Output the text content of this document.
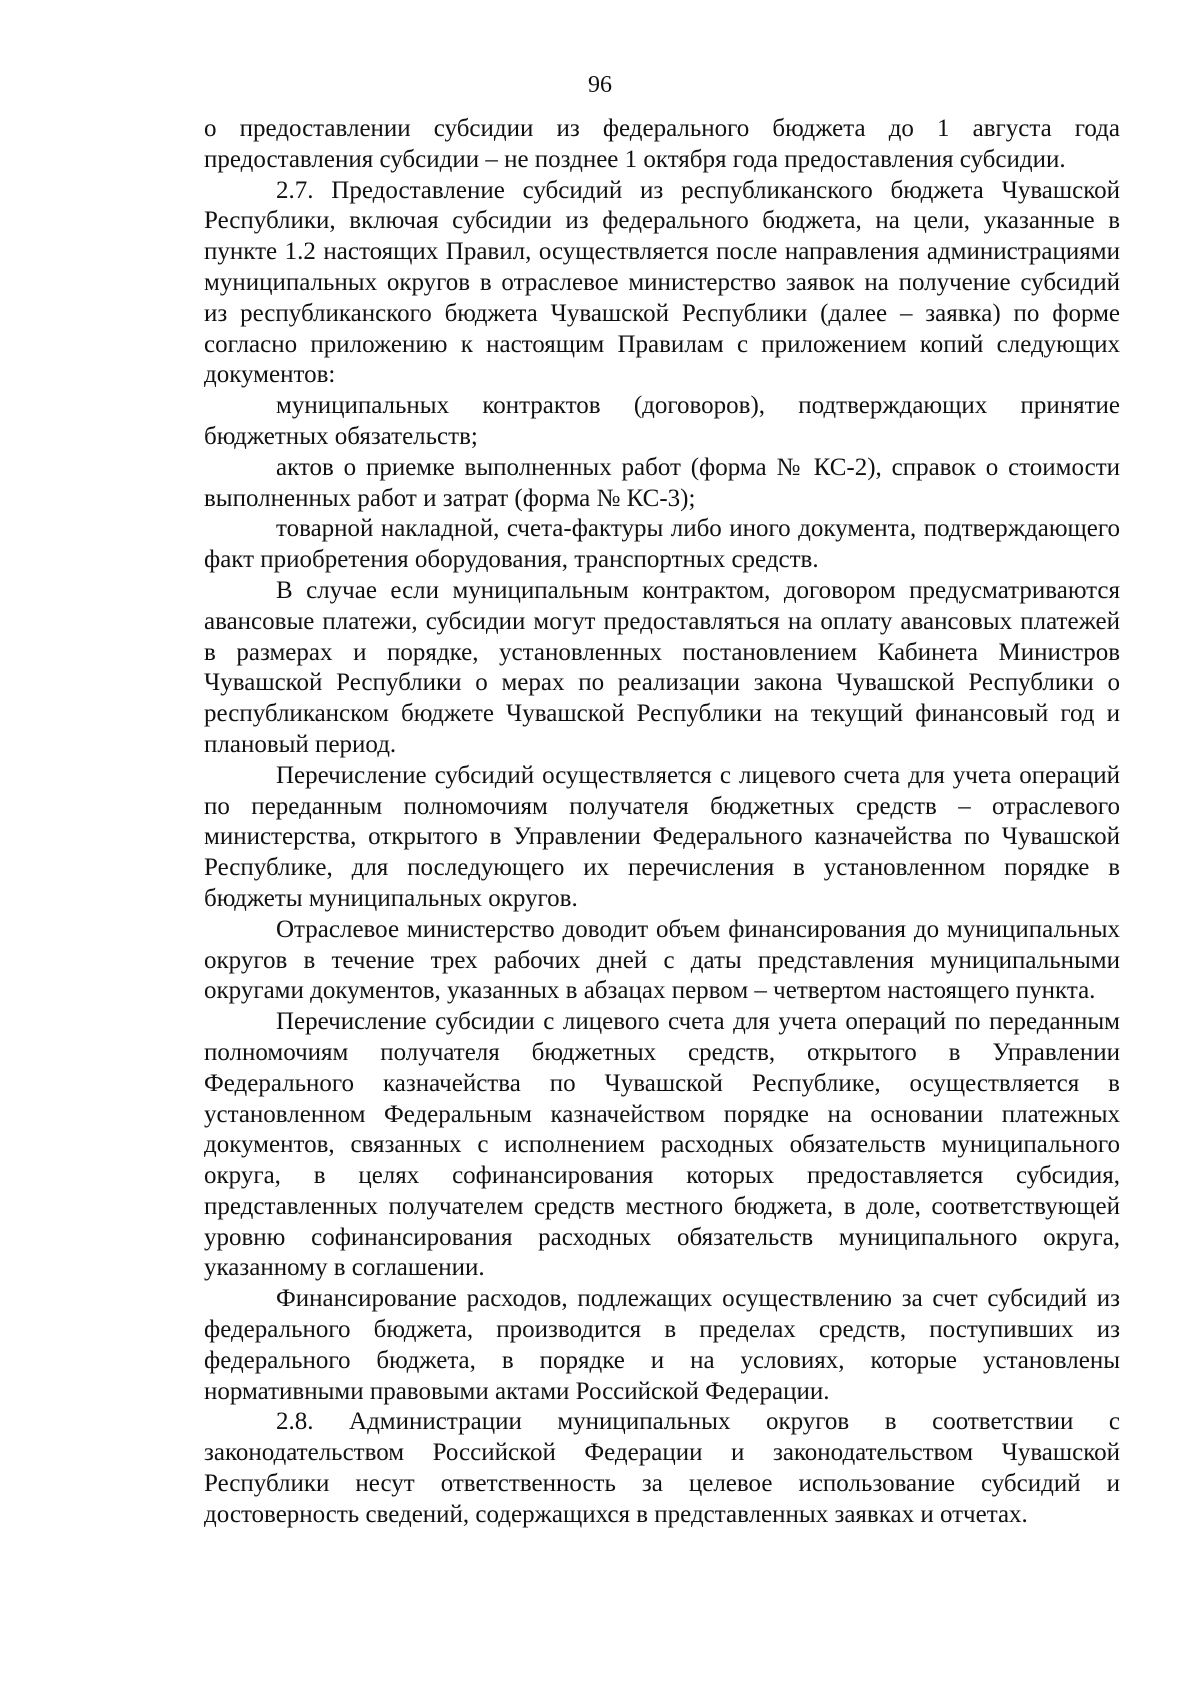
96

о предоставлении субсидии из федерального бюджета до 1 августа года предоставления субсидии – не позднее 1 октября года предоставления субсидии.

2.7. Предоставление субсидий из республиканского бюджета Чувашской Республики, включая субсидии из федерального бюджета, на цели, указанные в пункте 1.2 настоящих Правил, осуществляется после направления администрациями муниципальных округов в отраслевое министерство заявок на получение субсидий из республиканского бюджета Чувашской Республики (далее – заявка) по форме согласно приложению к настоящим Правилам с приложением копий следующих документов:

муниципальных контрактов (договоров), подтверждающих принятие бюджетных обязательств;

актов о приемке выполненных работ (форма № КС-2), справок о стоимости выполненных работ и затрат (форма № КС-3);

товарной накладной, счета-фактуры либо иного документа, подтверждающего факт приобретения оборудования, транспортных средств.

В случае если муниципальным контрактом, договором предусматриваются авансовые платежи, субсидии могут предоставляться на оплату авансовых платежей в размерах и порядке, установленных постановлением Кабинета Министров Чувашской Республики о мерах по реализации закона Чувашской Республики о республиканском бюджете Чувашской Республики на текущий финансовый год и плановый период.

Перечисление субсидий осуществляется с лицевого счета для учета операций по переданным полномочиям получателя бюджетных средств – отраслевого министерства, открытого в Управлении Федерального казначейства по Чувашской Республике, для последующего их перечисления в установленном порядке в бюджеты муниципальных округов.

Отраслевое министерство доводит объем финансирования до муниципальных округов в течение трех рабочих дней с даты представления муниципальными округами документов, указанных в абзацах первом – четвертом настоящего пункта.

Перечисление субсидии с лицевого счета для учета операций по переданным полномочиям получателя бюджетных средств, открытого в Управлении Федерального казначейства по Чувашской Республике, осуществляется в установленном Федеральным казначейством порядке на основании платежных документов, связанных с исполнением расходных обязательств муниципального округа, в целях софинансирования которых предоставляется субсидия, представленных получателем средств местного бюджета, в доле, соответствующей уровню софинансирования расходных обязательств муниципального округа, указанному в соглашении.

Финансирование расходов, подлежащих осуществлению за счет субсидий из федерального бюджета, производится в пределах средств, поступивших из федерального бюджета, в порядке и на условиях, которые установлены нормативными правовыми актами Российской Федерации.

2.8. Администрации муниципальных округов в соответствии с законодательством Российской Федерации и законодательством Чувашской Республики несут ответственность за целевое использование субсидий и достоверность сведений, содержащихся в представленных заявках и отчетах.
